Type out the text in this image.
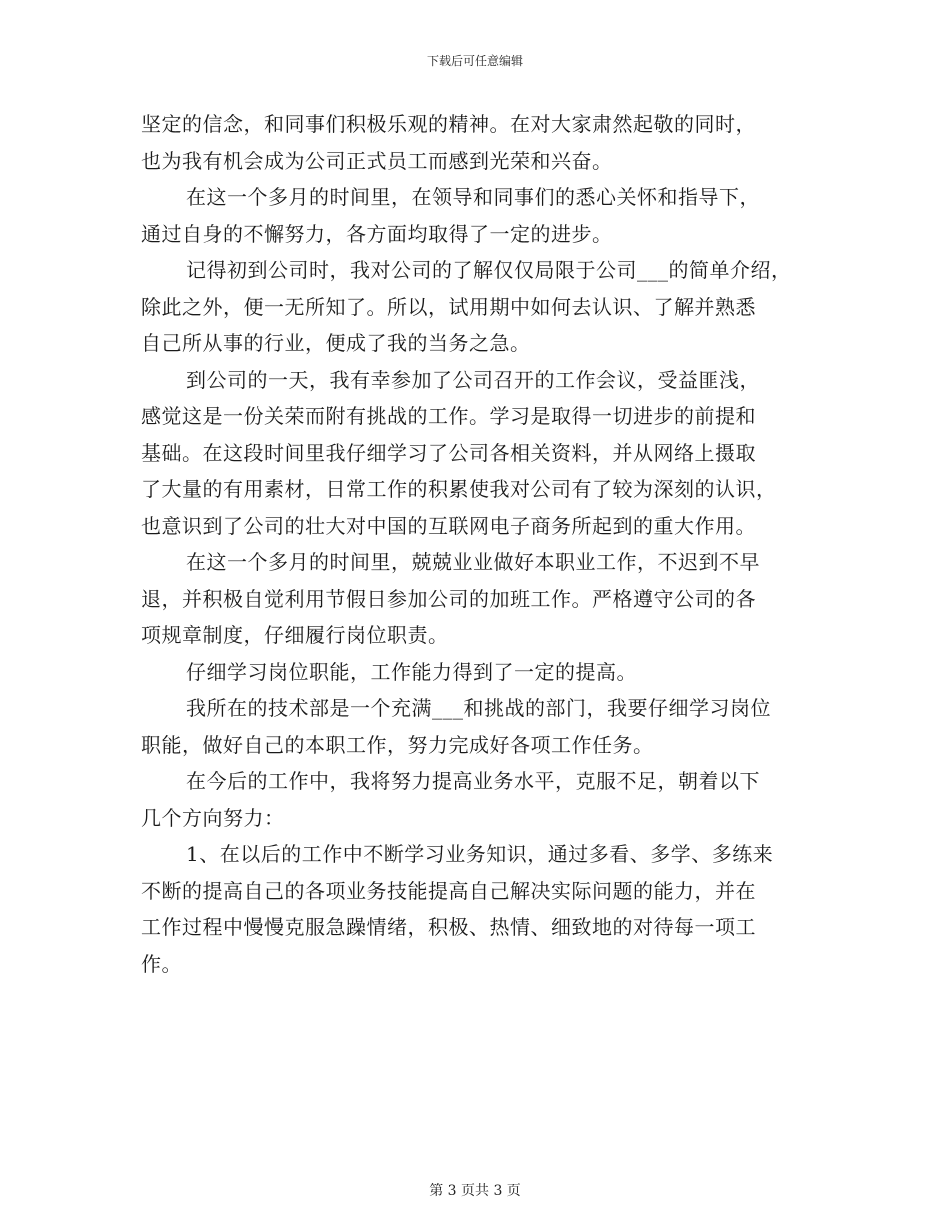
下载后可任意编辑
坚定的信念，和同事们积极乐观的精神。在对大家肃然起敬的同时，
也为我有机会成为公司正式员工而感到光荣和兴奋。
在这一个多月的时间里，在领导和同事们的悉心关怀和指导下，
通过自身的不懈努力，各方面均取得了一定的进步。
记得初到公司时，我对公司的了解仅仅局限于公司___的简单介绍，
除此之外，便一无所知了。所以，试用期中如何去认识、了解并熟悉
自己所从事的行业，便成了我的当务之急。
到公司的一天，我有幸参加了公司召开的工作会议，受益匪浅，
感觉这是一份关荣而附有挑战的工作。学习是取得一切进步的前提和
基础。在这段时间里我仔细学习了公司各相关资料，并从网络上摄取
了大量的有用素材，日常工作的积累使我对公司有了较为深刻的认识，
也意识到了公司的壮大对中国的互联网电子商务所起到的重大作用。
在这一个多月的时间里，兢兢业业做好本职业工作，不迟到不早
退，并积极自觉利用节假日参加公司的加班工作。严格遵守公司的各
项规章制度，仔细履行岗位职责。
仔细学习岗位职能，工作能力得到了一定的提高。
我所在的技术部是一个充满___和挑战的部门，我要仔细学习岗位
职能，做好自己的本职工作，努力完成好各项工作任务。
在今后的工作中，我将努力提高业务水平，克服不足，朝着以下
几个方向努力：
1、在以后的工作中不断学习业务知识，通过多看、多学、多练来
不断的提高自己的各项业务技能提高自己解决实际问题的能力，并在
工作过程中慢慢克服急躁情绪，积极、热情、细致地的对待每一项工
作。
第 3 页共 3 页
